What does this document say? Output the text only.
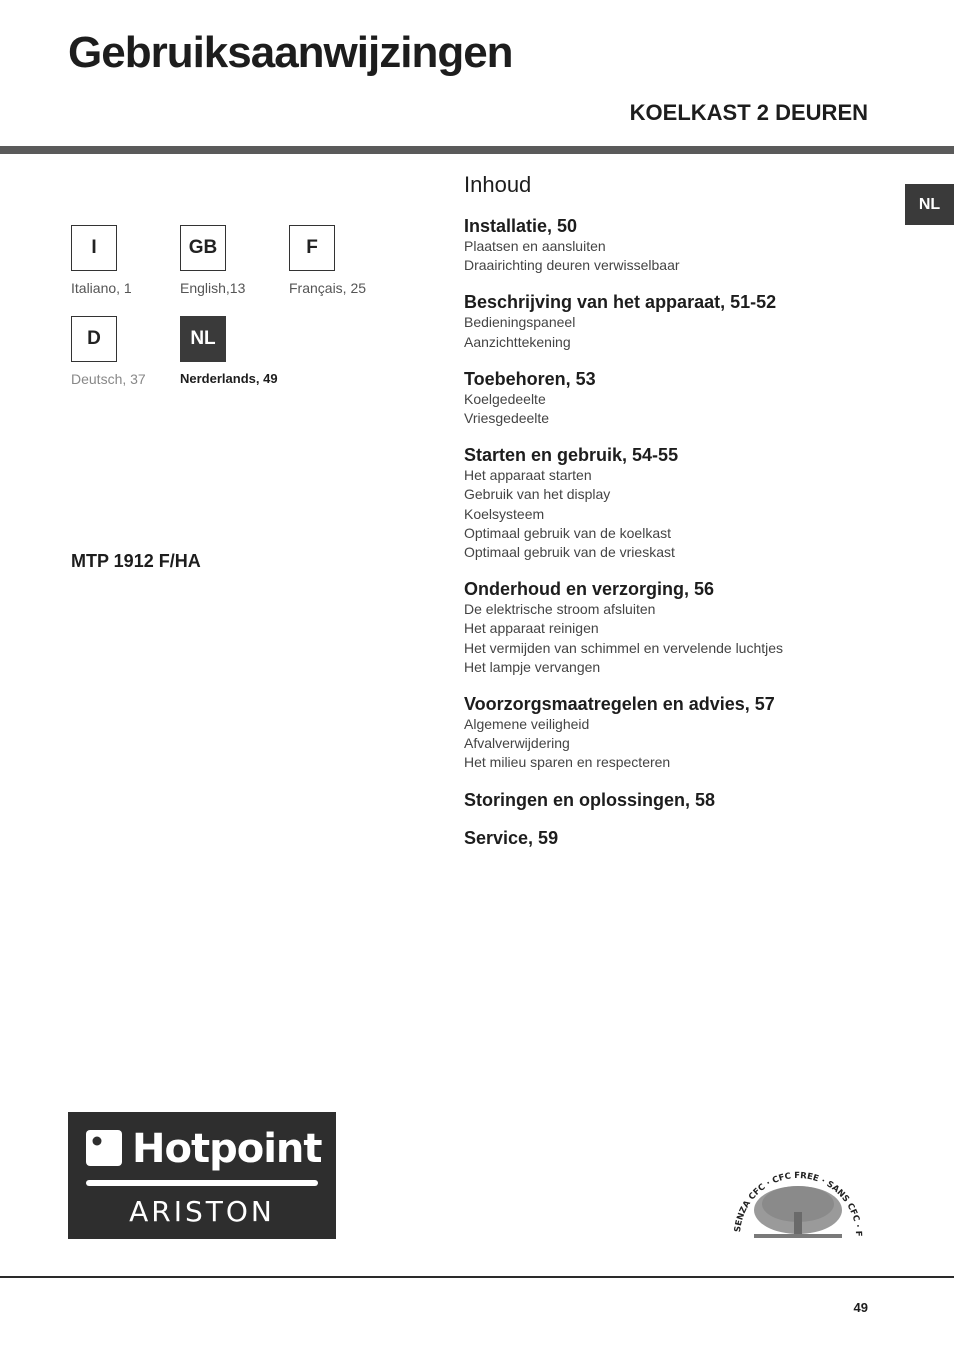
Gebruiksaanwijzingen
KOELKAST 2 DEUREN
NL
I
Italiano, 1
GB
English,13
F
Français, 25
D
Deutsch, 37
NL
Nerderlands, 49

MTP 1912 F/HA

Inhoud
Installatie, 50
Plaatsen en aansluiten
Draairichting deuren verwisselbaar
Beschrijving van het apparaat, 51-52
Bedieningspaneel
Aanzichttekening
Toebehoren, 53
Koelgedeelte
Vriesgedeelte
Starten en gebruik, 54-55
Het apparaat starten
Gebruik van het display
Koelsysteem
Optimaal gebruik van de koelkast
Optimaal gebruik van de vrieskast
Onderhoud en verzorging, 56
De elektrische stroom afsluiten
Het apparaat reinigen
Het vermijden van schimmel en vervelende luchtjes
Het lampje vervangen
Voorzorgsmaatregelen en advies, 57
Algemene veiligheid
Afvalverwijdering
Het milieu sparen en respecteren
Storingen en oplossingen, 58
Service, 59
Hotpoint
ARISTON
SENZA CFC · CFC FREE · SANS CFC · F
49
